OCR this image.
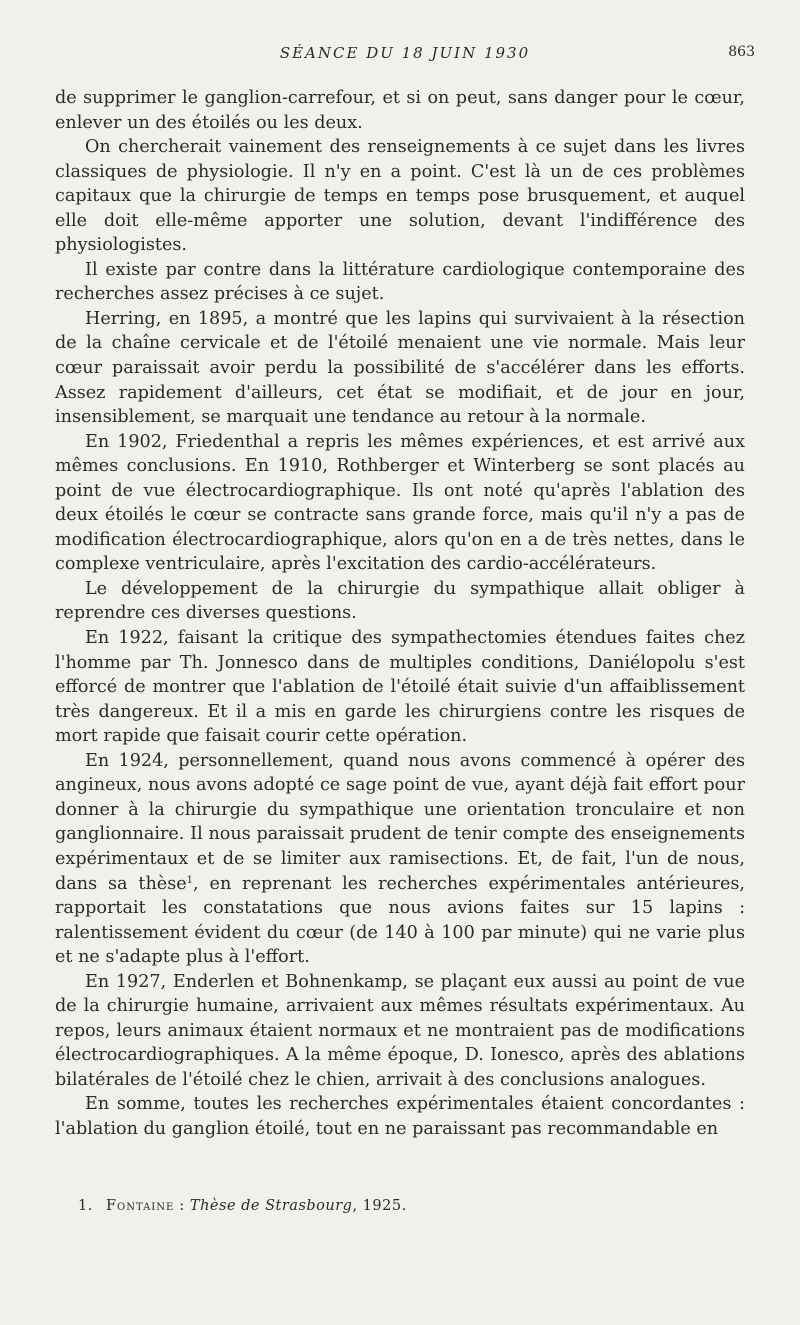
SÉANCE DU 18 JUIN 1930	863

de supprimer le ganglion-carrefour, et si on peut, sans danger pour le cœur, enlever un des étoilés ou les deux.

On chercherait vainement des renseignements à ce sujet dans les livres classiques de physiologie. Il n'y en a point. C'est là un de ces problèmes capitaux que la chirurgie de temps en temps pose brusquement, et auquel elle doit elle-même apporter une solution, devant l'indifférence des physiologistes.

Il existe par contre dans la littérature cardiologique contemporaine des recherches assez précises à ce sujet.

Herring, en 1895, a montré que les lapins qui survivaient à la résection de la chaîne cervicale et de l'étoilé menaient une vie normale. Mais leur cœur paraissait avoir perdu la possibilité de s'accélérer dans les efforts. Assez rapidement d'ailleurs, cet état se modifiait, et de jour en jour, insensiblement, se marquait une tendance au retour à la normale.

En 1902, Friedenthal a repris les mêmes expériences, et est arrivé aux mêmes conclusions. En 1910, Rothberger et Winterberg se sont placés au point de vue électrocardiographique. Ils ont noté qu'après l'ablation des deux étoilés le cœur se contracte sans grande force, mais qu'il n'y a pas de modification électrocardiographique, alors qu'on en a de très nettes, dans le complexe ventriculaire, après l'excitation des cardio-accélérateurs.

Le développement de la chirurgie du sympathique allait obliger à reprendre ces diverses questions.

En 1922, faisant la critique des sympathectomies étendues faites chez l'homme par Th. Jonnesco dans de multiples conditions, Daniélopolu s'est efforcé de montrer que l'ablation de l'étoilé était suivie d'un affaiblissement très dangereux. Et il a mis en garde les chirurgiens contre les risques de mort rapide que faisait courir cette opération.

En 1924, personnellement, quand nous avons commencé à opérer des angineux, nous avons adopté ce sage point de vue, ayant déjà fait effort pour donner à la chirurgie du sympathique une orientation tronculaire et non ganglionnaire. Il nous paraissait prudent de tenir compte des enseignements expérimentaux et de se limiter aux ramisections. Et, de fait, l'un de nous, dans sa thèse$^1$, en reprenant les recherches expérimentales antérieures, rapportait les constatations que nous avions faites sur 15 lapins : ralentissement évident du cœur (de 140 à 100 par minute) qui ne varie plus et ne s'adapte plus à l'effort.

En 1927, Enderlen et Bohnenkamp, se plaçant eux aussi au point de vue de la chirurgie humaine, arrivaient aux mêmes résultats expérimentaux. Au repos, leurs animaux étaient normaux et ne montraient pas de modifications électrocardiographiques. A la même époque, D. Ionesco, après des ablations bilatérales de l'étoilé chez le chien, arrivait à des conclusions analogues.

En somme, toutes les recherches expérimentales étaient concordantes : l'ablation du ganglion étoilé, tout en ne paraissant pas recommandable en

1. Fontaine : Thèse de Strasbourg, 1925.
